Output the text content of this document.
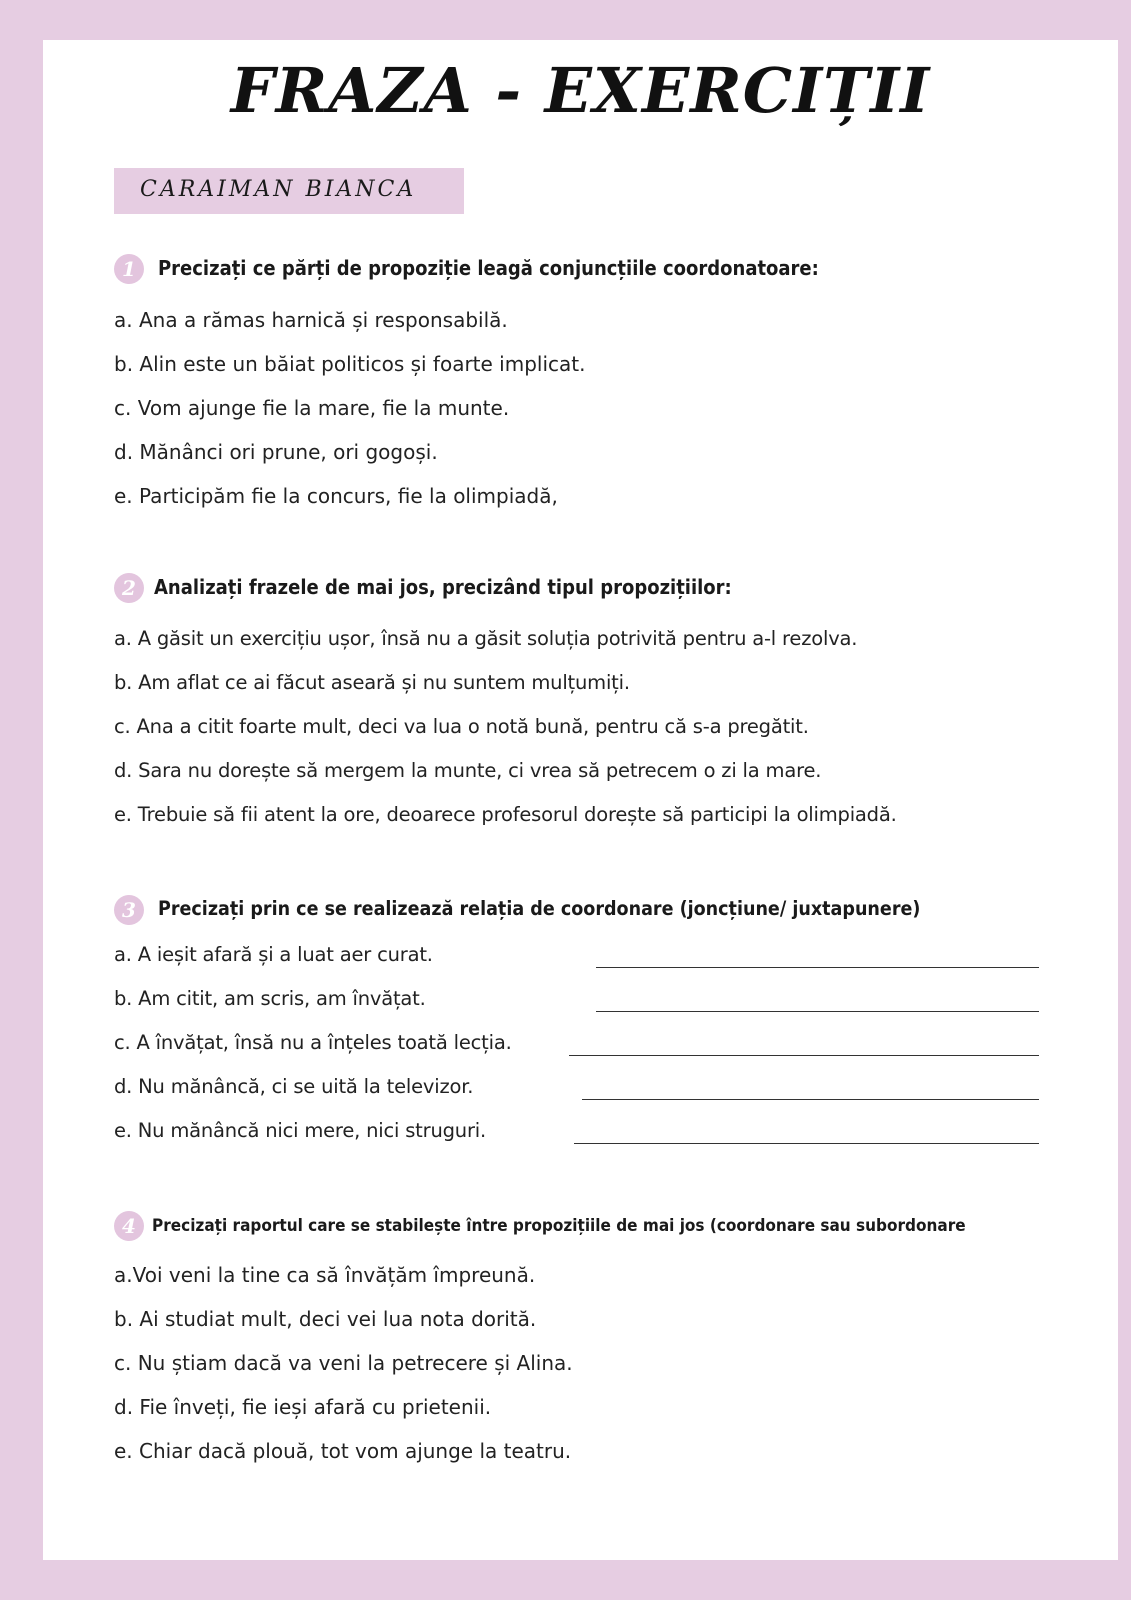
FRAZA - EXERCIȚII
CARAIMAN BIANCA
1	Precizați ce părți de propoziție leagă conjuncțiile coordonatoare:
a. Ana a rămas harnică și responsabilă.
b. Alin este un băiat politicos și foarte implicat.
c. Vom ajunge fie la mare, fie la munte.
d. Mănânci ori prune, ori gogoși.
e. Participăm fie la concurs, fie la olimpiadă,
2 Analizați frazele de mai jos, precizând tipul propozițiilor:
a. A găsit un exercițiu ușor, însă nu a găsit soluția potrivită pentru a-l rezolva.
b. Am aflat ce ai făcut aseară și nu suntem mulțumiți.
c. Ana a citit foarte mult, deci va lua o notă bună, pentru că s-a pregătit.
d. Sara nu dorește să mergem la munte, ci vrea să petrecem o zi la mare.
e. Trebuie să fii atent la ore, deoarece profesorul dorește să participi la olimpiadă.
3	Precizați prin ce se realizează relația de coordonare (joncțiune/ juxtapunere)
a. A ieșit afară și a luat aer curat.
b. Am citit, am scris, am învățat.
c. A învățat, însă nu a înțeles toată lecția.
d. Nu mănâncă, ci se uită la televizor.
e. Nu mănâncă nici mere, nici struguri.
4 Precizați raportul care se stabilește între propozițiile de mai jos (coordonare sau subordonare
a.Voi veni la tine ca să învățăm împreună.
b. Ai studiat mult, deci vei lua nota dorită.
c. Nu știam dacă va veni la petrecere și Alina.
d. Fie înveți, fie ieși afară cu prietenii.
e. Chiar dacă plouă, tot vom ajunge la teatru.
